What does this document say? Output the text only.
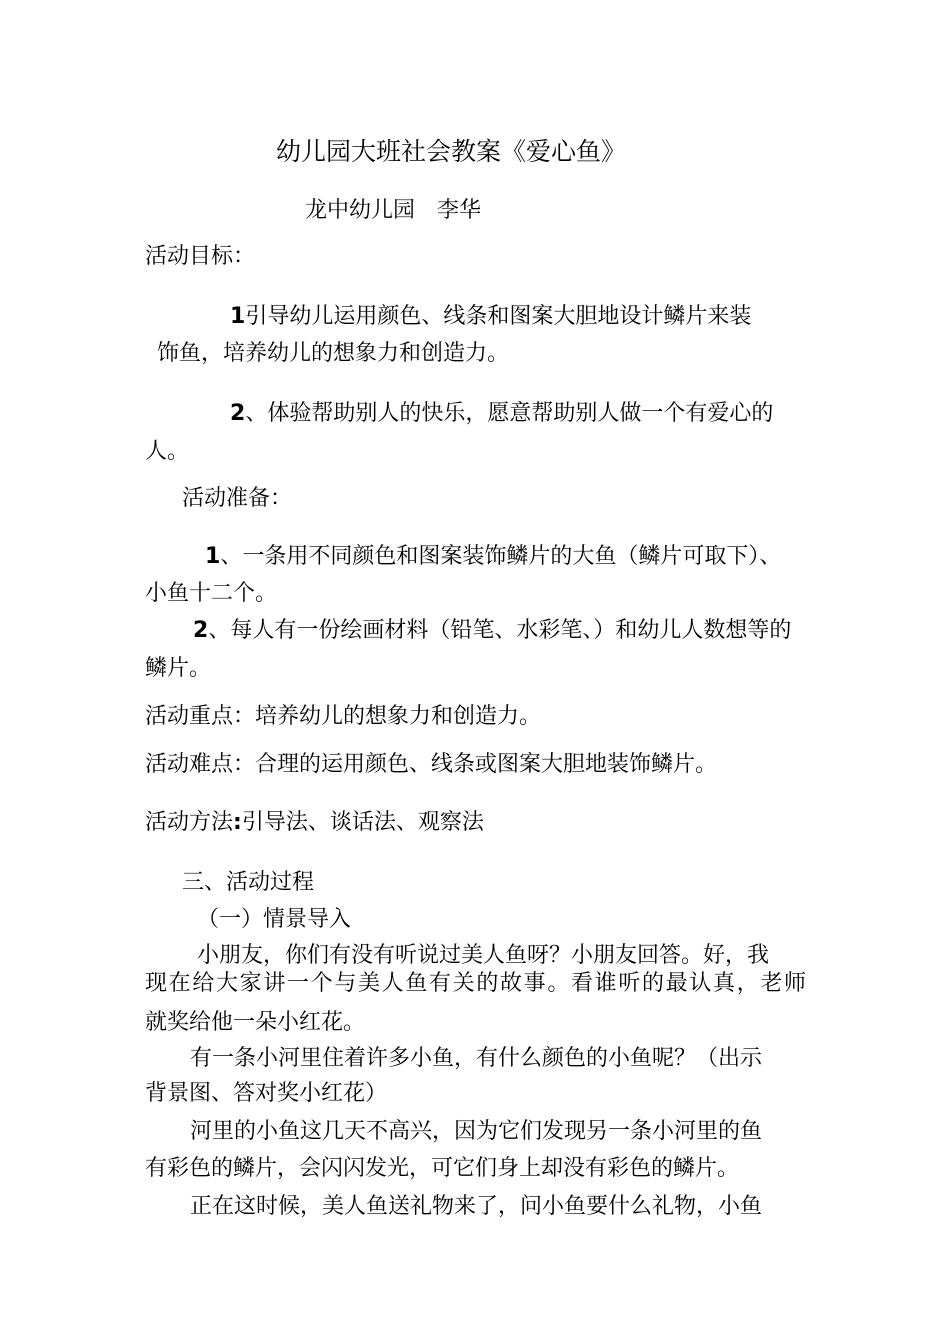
幼儿园大班社会教案《爱心鱼》
龙中幼儿园　李华
活动目标：
1引导幼儿运用颜色、线条和图案大胆地设计鳞片来装
饰鱼，培养幼儿的想象力和创造力。
2、体验帮助别人的快乐，愿意帮助别人做一个有爱心的
人。
活动准备：
1、一条用不同颜色和图案装饰鳞片的大鱼（鳞片可取下）、
小鱼十二个。
2、每人有一份绘画材料（铅笔、水彩笔、）和幼儿人数想等的
鳞片。
活动重点：培养幼儿的想象力和创造力。
活动难点：合理的运用颜色、线条或图案大胆地装饰鳞片。
活动方法:引导法、谈话法、观察法
三、活动过程
（一）情景导入
小朋友，你们有没有听说过美人鱼呀？小朋友回答。好，我
现在给大家讲一个与美人鱼有关的故事。看谁听的最认真，老师
就奖给他一朵小红花。
有一条小河里住着许多小鱼，有什么颜色的小鱼呢？（出示
背景图、答对奖小红花）
河里的小鱼这几天不高兴，因为它们发现另一条小河里的鱼
有彩色的鳞片，会闪闪发光，可它们身上却没有彩色的鳞片。
正在这时候，美人鱼送礼物来了，问小鱼要什么礼物，小鱼
